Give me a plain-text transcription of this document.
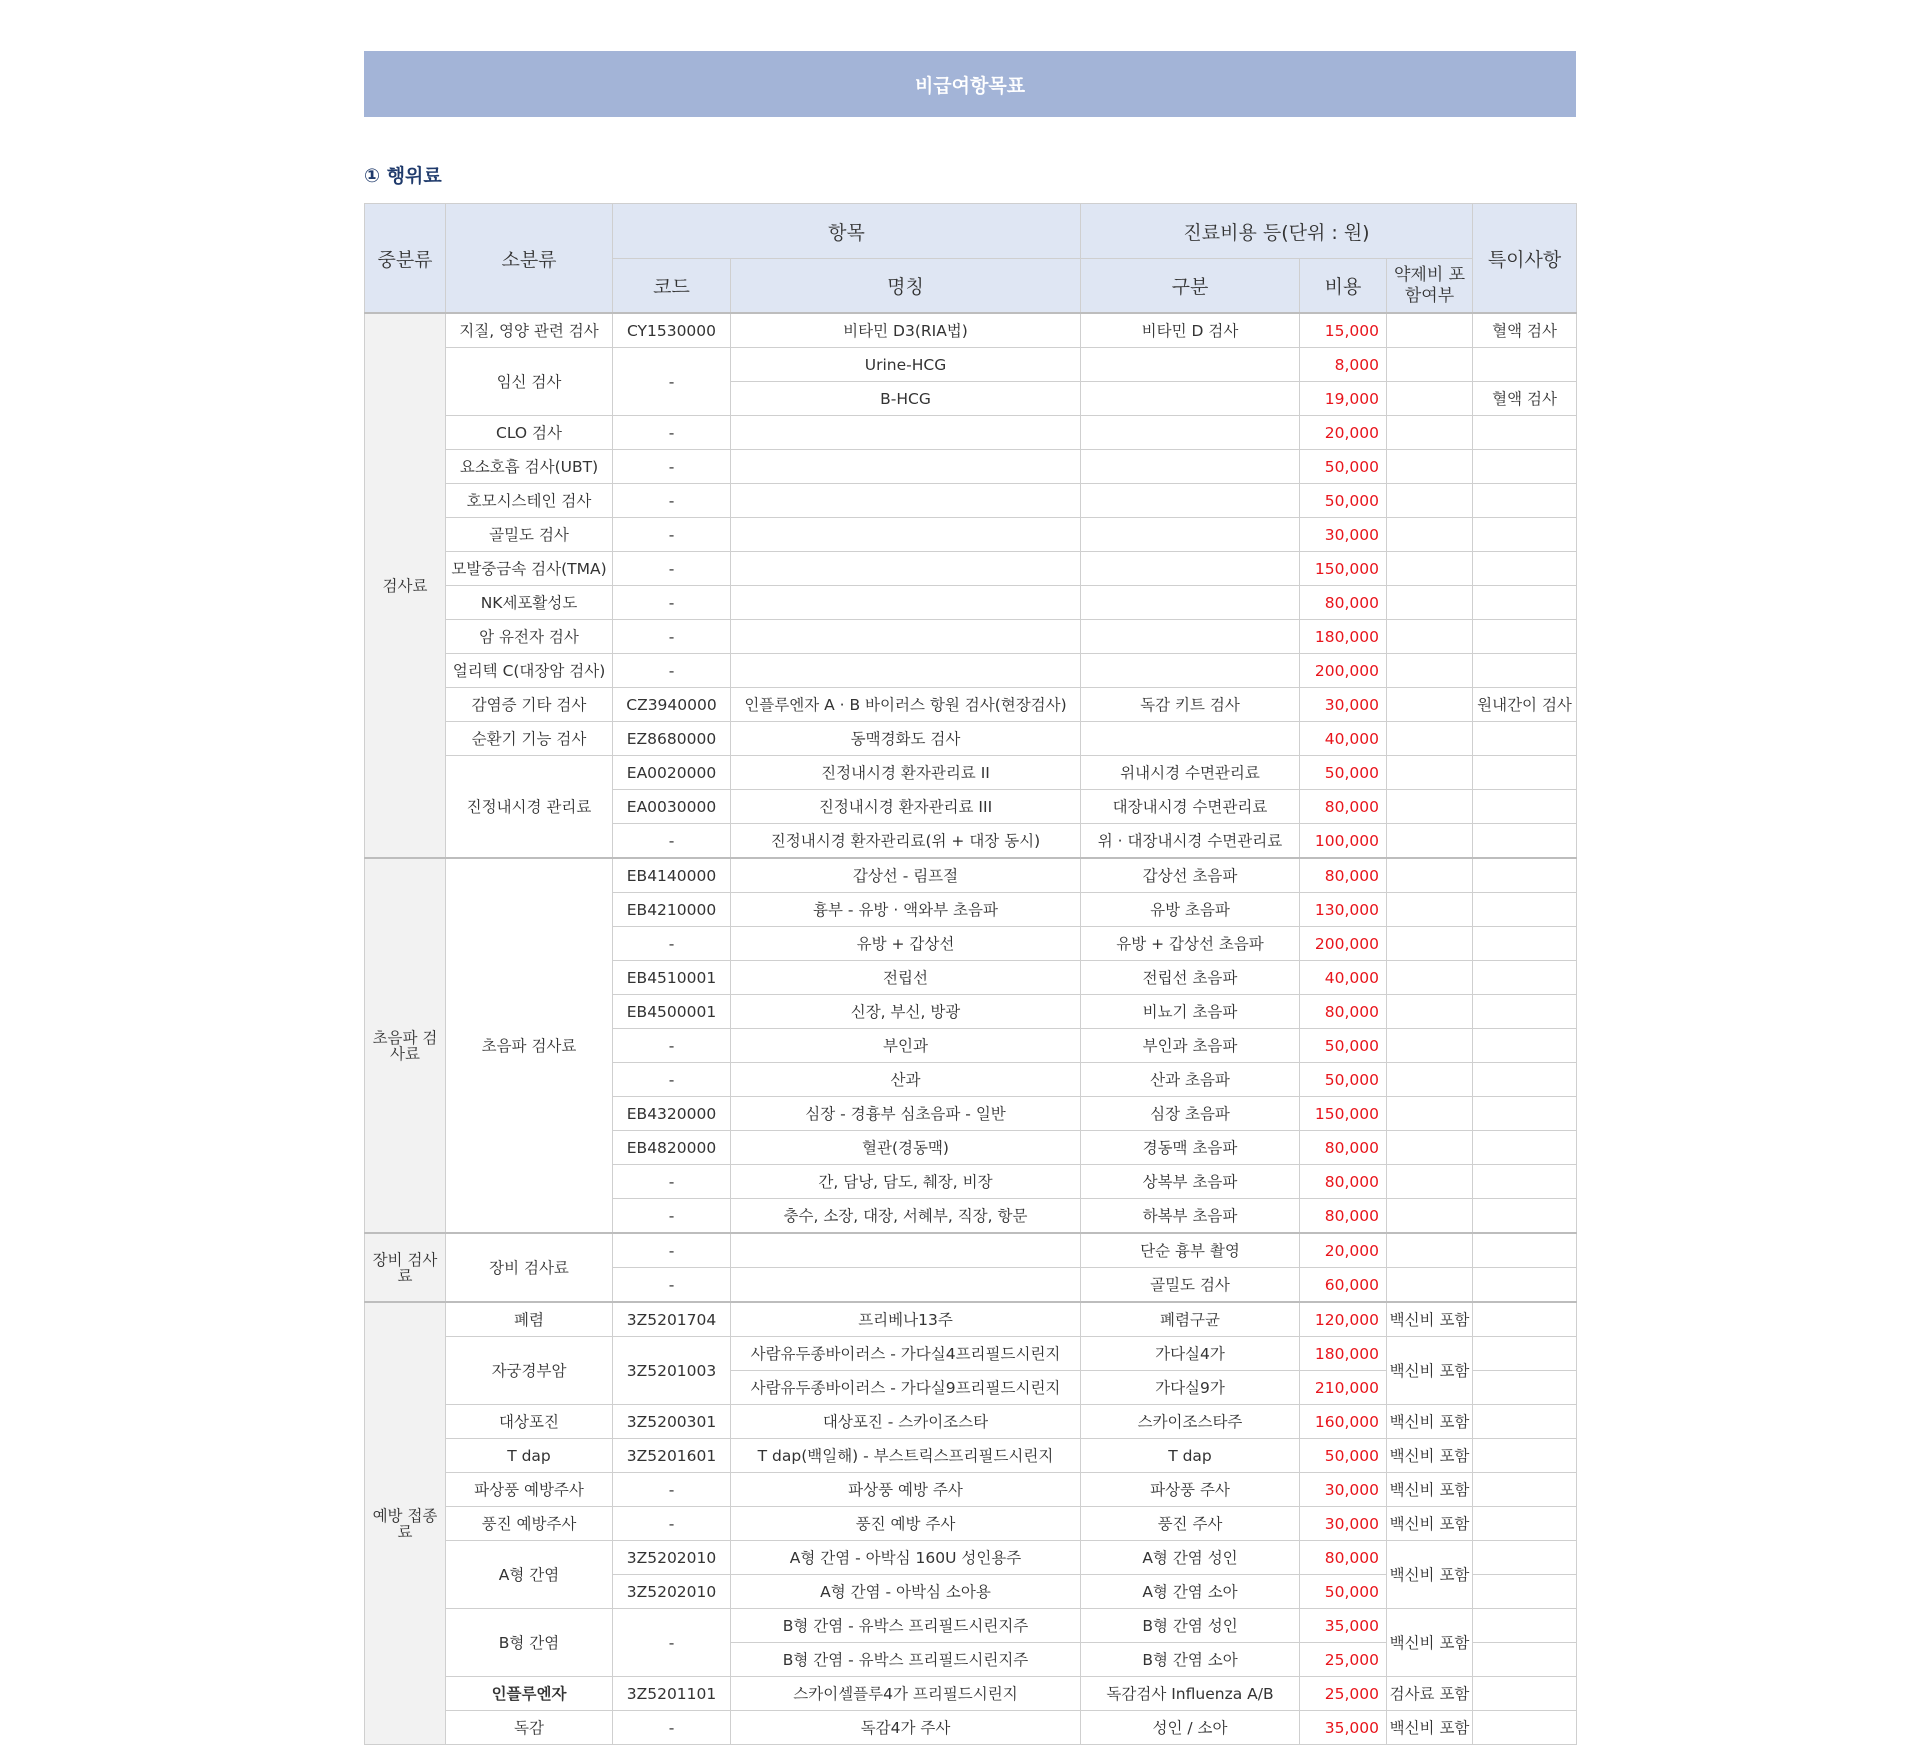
비급여항목표
① 행위료
중분류	소분류	항목		진료비용 등(단위 : 원)			특이사항
		코드	명칭	구분	비용	약제비 포함여부	
검사료	지질, 영양 관련 검사	CY1530000	비타민 D3(RIA법)	비타민 D 검사	15,000		혈액 검사
	임신 검사	-	Urine-HCG		8,000		
			B-HCG		19,000		혈액 검사
	CLO 검사	-			20,000		
	요소호흡 검사(UBT)	-			50,000		
	호모시스테인 검사	-			50,000		
	골밀도 검사	-			30,000		
	모발중금속 검사(TMA)	-			150,000		
	NK세포활성도	-			80,000		
	암 유전자 검사	-			180,000		
	얼리텍 C(대장암 검사)	-			200,000		
	감염증 기타 검사	CZ3940000	인플루엔자 A · B 바이러스 항원 검사(현장검사)	독감 키트 검사	30,000		원내간이 검사
	순환기 기능 검사	EZ8680000	동맥경화도 검사		40,000		
	진정내시경 관리료	EA0020000	진정내시경 환자관리료 II	위내시경 수면관리료	50,000		
		EA0030000	진정내시경 환자관리료 III	대장내시경 수면관리료	80,000		
		-	진정내시경 환자관리료(위 + 대장 동시)	위 · 대장내시경 수면관리료	100,000		
초음파 검사료	초음파 검사료	EB4140000	갑상선 - 림프절	갑상선 초음파	80,000		
		EB4210000	흉부 - 유방 · 액와부 초음파	유방 초음파	130,000		
		-	유방 + 갑상선	유방 + 갑상선 초음파	200,000		
		EB4510001	전립선	전립선 초음파	40,000		
		EB4500001	신장, 부신, 방광	비뇨기 초음파	80,000		
		-	부인과	부인과 초음파	50,000		
		-	산과	산과 초음파	50,000		
		EB4320000	심장 - 경흉부 심초음파 - 일반	심장 초음파	150,000		
		EB4820000	혈관(경동맥)	경동맥 초음파	80,000		
		-	간, 담낭, 담도, 췌장, 비장	상복부 초음파	80,000		
		-	충수, 소장, 대장, 서혜부, 직장, 항문	하복부 초음파	80,000		
장비 검사료	장비 검사료	-		단순 흉부 촬영	20,000		
		-		골밀도 검사	60,000		
예방 접종료	폐렴	3Z5201704	프리베나13주	폐렴구균	120,000	백신비 포함	
	자궁경부암	3Z5201003	사람유두종바이러스 - 가다실4프리필드시린지	가다실4가	180,000	백신비 포함	
			사람유두종바이러스 - 가다실9프리필드시린지	가다실9가	210,000		
	대상포진	3Z5200301	대상포진 - 스카이조스타	스카이조스타주	160,000	백신비 포함	
	T dap	3Z5201601	T dap(백일해) - 부스트릭스프리필드시린지	T dap	50,000	백신비 포함	
	파상풍 예방주사	-	파상풍 예방 주사	파상풍 주사	30,000	백신비 포함	
	풍진 예방주사	-	풍진 예방 주사	풍진 주사	30,000	백신비 포함	
	A형 간염	3Z5202010	A형 간염 - 아박심 160U 성인용주	A형 간염 성인	80,000	백신비 포함	
		3Z5202010	A형 간염 - 아박심 소아용	A형 간염 소아	50,000		
	B형 간염	-	B형 간염 - 유박스 프리필드시린지주	B형 간염 성인	35,000	백신비 포함	
			B형 간염 - 유박스 프리필드시린지주	B형 간염 소아	25,000		
	인플루엔자	3Z5201101	스카이셀플루4가 프리필드시린지	독감검사 Influenza A/B	25,000	검사료 포함	
	독감	-	독감4가 주사	성인 / 소아	35,000	백신비 포함	
